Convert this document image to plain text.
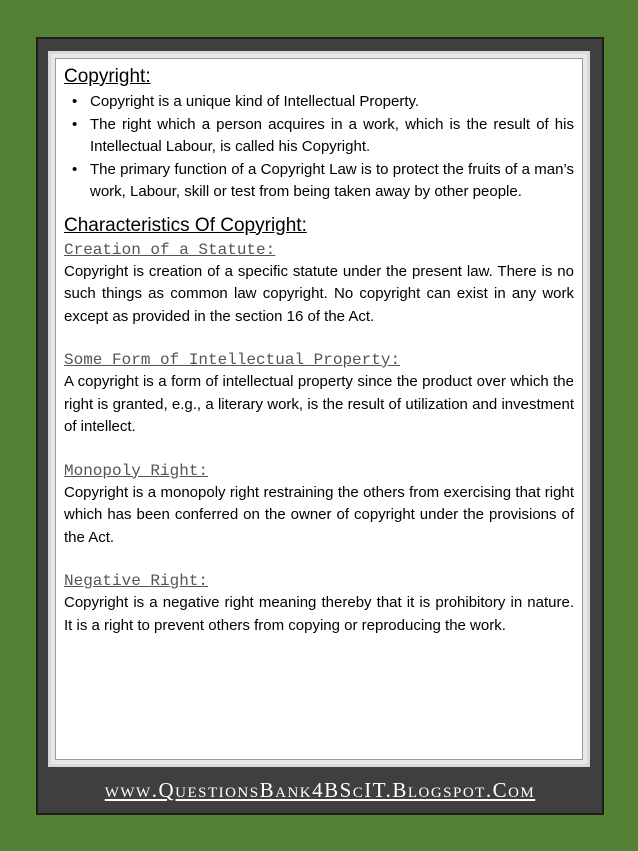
Copyright:
• Copyright is a unique kind of Intellectual Property.
• The right which a person acquires in a work, which is the result of his Intellectual Labour, is called his Copyright.
• The primary function of a Copyright Law is to protect the fruits of a man’s work, Labour, skill or test from being taken away by other people.
Characteristics Of Copyright:
Creation of a Statute:
Copyright is creation of a specific statute under the present law. There is no such things as common law copyright. No copyright can exist in any work except as provided in the section 16 of the Act.
Some Form of Intellectual Property:
A copyright is a form of intellectual property since the product over which the right is granted, e.g., a literary work, is the result of utilization and investment of intellect.
Monopoly Right:
Copyright is a monopoly right restraining the others from exercising that right which has been conferred on the owner of copyright under the provisions of the Act.
Negative Right:
Copyright is a negative right meaning thereby that it is prohibitory in nature. It is a right to prevent others from copying or reproducing the work.
www.QuestionsBank4BScIT.Blogspot.Com
